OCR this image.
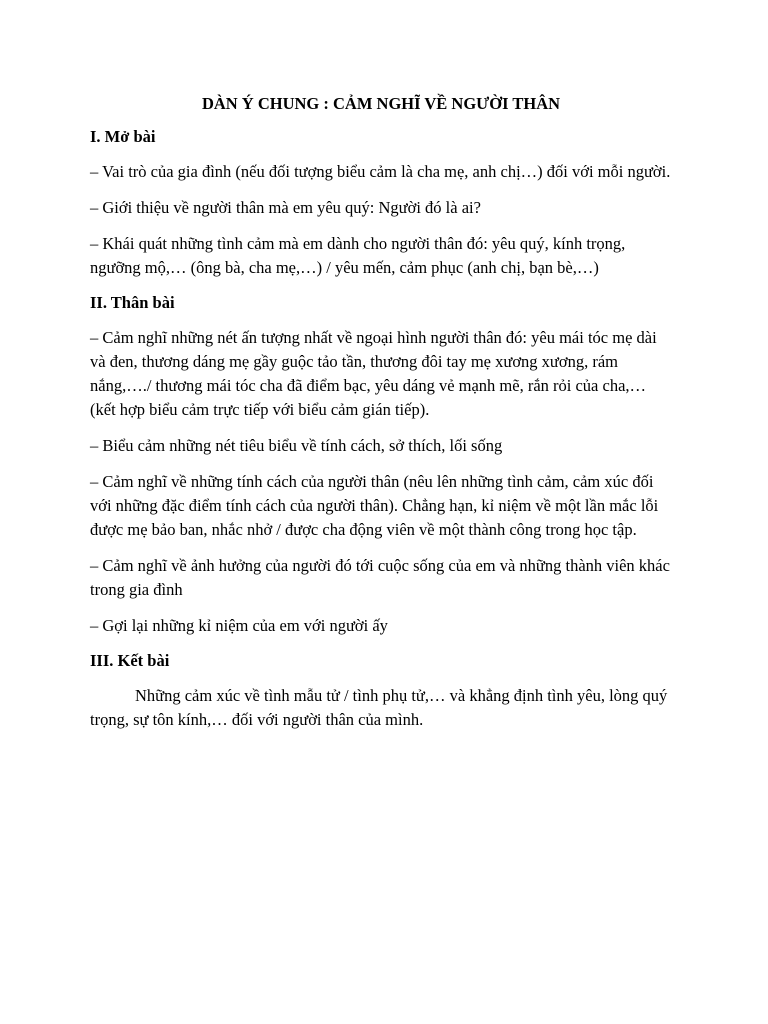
DÀN Ý CHUNG : CẢM NGHĨ VỀ NGƯỜI THÂN
I. Mở bài

– Vai trò của gia đình (nếu đối tượng biểu cảm là cha mẹ, anh chị…) đối với mỗi người.

– Giới thiệu về người thân mà em yêu quý: Người đó là ai?

– Khái quát những tình cảm mà em dành cho người thân đó: yêu quý, kính trọng, ngưỡng mộ,… (ông bà, cha mẹ,…) / yêu mến, cảm phục (anh chị, bạn bè,…)

II. Thân bài

– Cảm nghĩ những nét ấn tượng nhất về ngoại hình người thân đó: yêu mái tóc mẹ dài và đen, thương dáng mẹ gầy guộc tảo tần, thương đôi tay mẹ xương xương, rám nắng,…./ thương mái tóc cha đã điểm bạc, yêu dáng vẻ mạnh mẽ, rắn rỏi của cha,… (kết hợp biểu cảm trực tiếp với biểu cảm gián tiếp).

– Biểu cảm những nét tiêu biểu về tính cách, sở thích, lối sống

– Cảm nghĩ về những tính cách của người thân (nêu lên những tình cảm, cảm xúc đối với những đặc điểm tính cách của người thân). Chẳng hạn, kỉ niệm về một lần mắc lỗi được mẹ bảo ban, nhắc nhở / được cha động viên về một thành công trong học tập.

– Cảm nghĩ về ảnh hưởng của người đó tới cuộc sống của em và những thành viên khác trong gia đình

– Gợi lại những kỉ niệm của em với người ấy

III. Kết bài

Những cảm xúc về tình mẫu tử / tình phụ tử,… và khẳng định tình yêu, lòng quý trọng, sự tôn kính,… đối với người thân của mình.
